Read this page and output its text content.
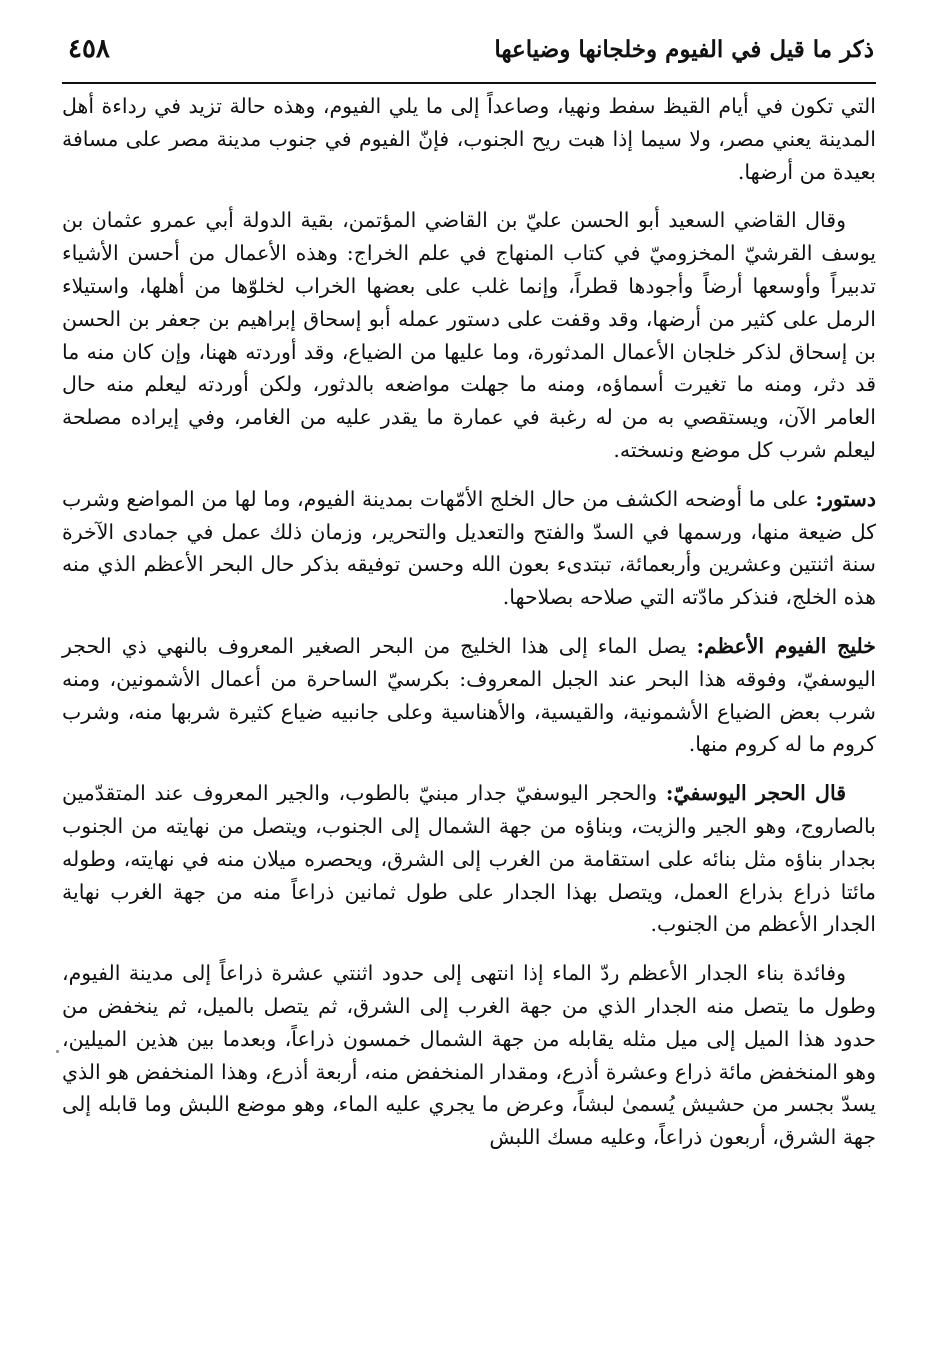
ذكر ما قيل في الفيوم وخلجانها وضياعها
٤٥٨

التي تكون في أيام القيظ سفط ونهيا، وصاعداً إلى ما يلي الفيوم، وهذه حالة تزيد في رداءة أهل المدينة يعني مصر، ولا سيما إذا هبت ريح الجنوب، فإنّ الفيوم في جنوب مدينة مصر على مسافة بعيدة من أرضها.

وقال القاضي السعيد أبو الحسن عليّ بن القاضي المؤتمن، بقية الدولة أبي عمرو عثمان بن يوسف القرشيّ المخزوميّ في كتاب المنهاج في علم الخراج: وهذه الأعمال من أحسن الأشياء تدبيراً وأوسعها أرضاً وأجودها قطراً، وإنما غلب على بعضها الخراب لخلوّها من أهلها، واستيلاء الرمل على كثير من أرضها، وقد وقفت على دستور عمله أبو إسحاق إبراهيم بن جعفر بن الحسن بن إسحاق لذكر خلجان الأعمال المدثورة، وما عليها من الضياع، وقد أوردته ههنا، وإن كان منه ما قد دثر، ومنه ما تغيرت أسماؤه، ومنه ما جهلت مواضعه بالدثور، ولكن أوردته ليعلم منه حال العامر الآن، ويستقصي به من له رغبة في عمارة ما يقدر عليه من الغامر، وفي إيراده مصلحة ليعلم شرب كل موضع ونسخته.

دستور: على ما أوضحه الكشف من حال الخلج الأمّهات بمدينة الفيوم، وما لها من المواضع وشرب كل ضيعة منها، ورسمها في السدّ والفتح والتعديل والتحرير، وزمان ذلك عمل في جمادى الآخرة سنة اثنتين وعشرين وأربعمائة، تبتدىء بعون الله وحسن توفيقه بذكر حال البحر الأعظم الذي منه هذه الخلج، فنذكر مادّته التي صلاحه بصلاحها.

خليج الفيوم الأعظم: يصل الماء إلى هذا الخليج من البحر الصغير المعروف بالنهي ذي الحجر اليوسفيّ، وفوقه هذا البحر عند الجبل المعروف: بكرسيّ الساحرة من أعمال الأشمونين، ومنه شرب بعض الضياع الأشمونية، والقيسية، والأهناسية وعلى جانبيه ضياع كثيرة شربها منه، وشرب كروم ما له كروم منها.

قال الحجر اليوسفيّ: والحجر اليوسفيّ جدار مبنيّ بالطوب، والجير المعروف عند المتقدّمين بالصاروج، وهو الجير والزيت، وبناؤه من جهة الشمال إلى الجنوب، ويتصل من نهايته من الجنوب بجدار بناؤه مثل بنائه على استقامة من الغرب إلى الشرق، ويحصره ميلان منه في نهايته، وطوله مائتا ذراع بذراع العمل، ويتصل بهذا الجدار على طول ثمانين ذراعاً منه من جهة الغرب نهاية الجدار الأعظم من الجنوب.

وفائدة بناء الجدار الأعظم ردّ الماء إذا انتهى إلى حدود اثنتي عشرة ذراعاً إلى مدينة الفيوم، وطول ما يتصل منه الجدار الذي من جهة الغرب إلى الشرق، ثم يتصل بالميل، ثم ينخفض من حدود هذا الميل إلى ميل مثله يقابله من جهة الشمال خمسون ذراعاً، وبعدما بين هذين الميلين، وهو المنخفض مائة ذراع وعشرة أذرع، ومقدار المنخفض منه، أربعة أذرع، وهذا المنخفض هو الذي يسدّ بجسر من حشيش يُسمىٰ لبشاً، وعرض ما يجري عليه الماء، وهو موضع اللبش وما قابله إلى جهة الشرق، أربعون ذراعاً، وعليه مسك اللبش
